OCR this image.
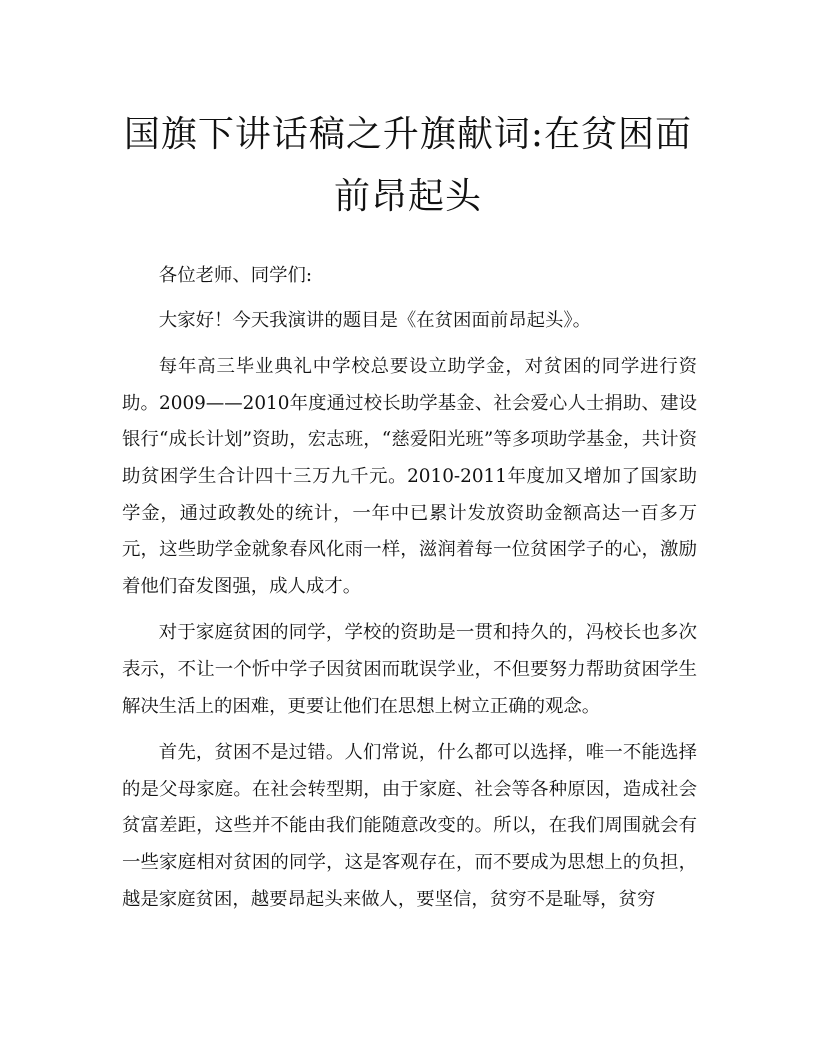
国旗下讲话稿之升旗献词:在贫困面前昂起头

各位老师、同学们:

大家好！今天我演讲的题目是《在贫困面前昂起头》。

每年高三毕业典礼中学校总要设立助学金，对贫困的同学进行资助。2009——2010年度通过校长助学基金、社会爱心人士捐助、建设银行“成长计划”资助，宏志班，“慈爱阳光班”等多项助学基金，共计资助贫困学生合计四十三万九千元。2010-2011年度加又增加了国家助学金，通过政教处的统计，一年中已累计发放资助金额高达一百多万元，这些助学金就象春风化雨一样，滋润着每一位贫困学子的心，激励着他们奋发图强，成人成才。

对于家庭贫困的同学，学校的资助是一贯和持久的，冯校长也多次表示，不让一个忻中学子因贫困而耽误学业，不但要努力帮助贫困学生解决生活上的困难，更要让他们在思想上树立正确的观念。

首先，贫困不是过错。人们常说，什么都可以选择，唯一不能选择的是父母家庭。在社会转型期，由于家庭、社会等各种原因，造成社会贫富差距，这些并不能由我们能随意改变的。所以，在我们周围就会有一些家庭相对贫困的同学，这是客观存在，而不要成为思想上的负担，越是家庭贫困，越要昂起头来做人，要坚信，贫穷不是耻辱，贫穷
